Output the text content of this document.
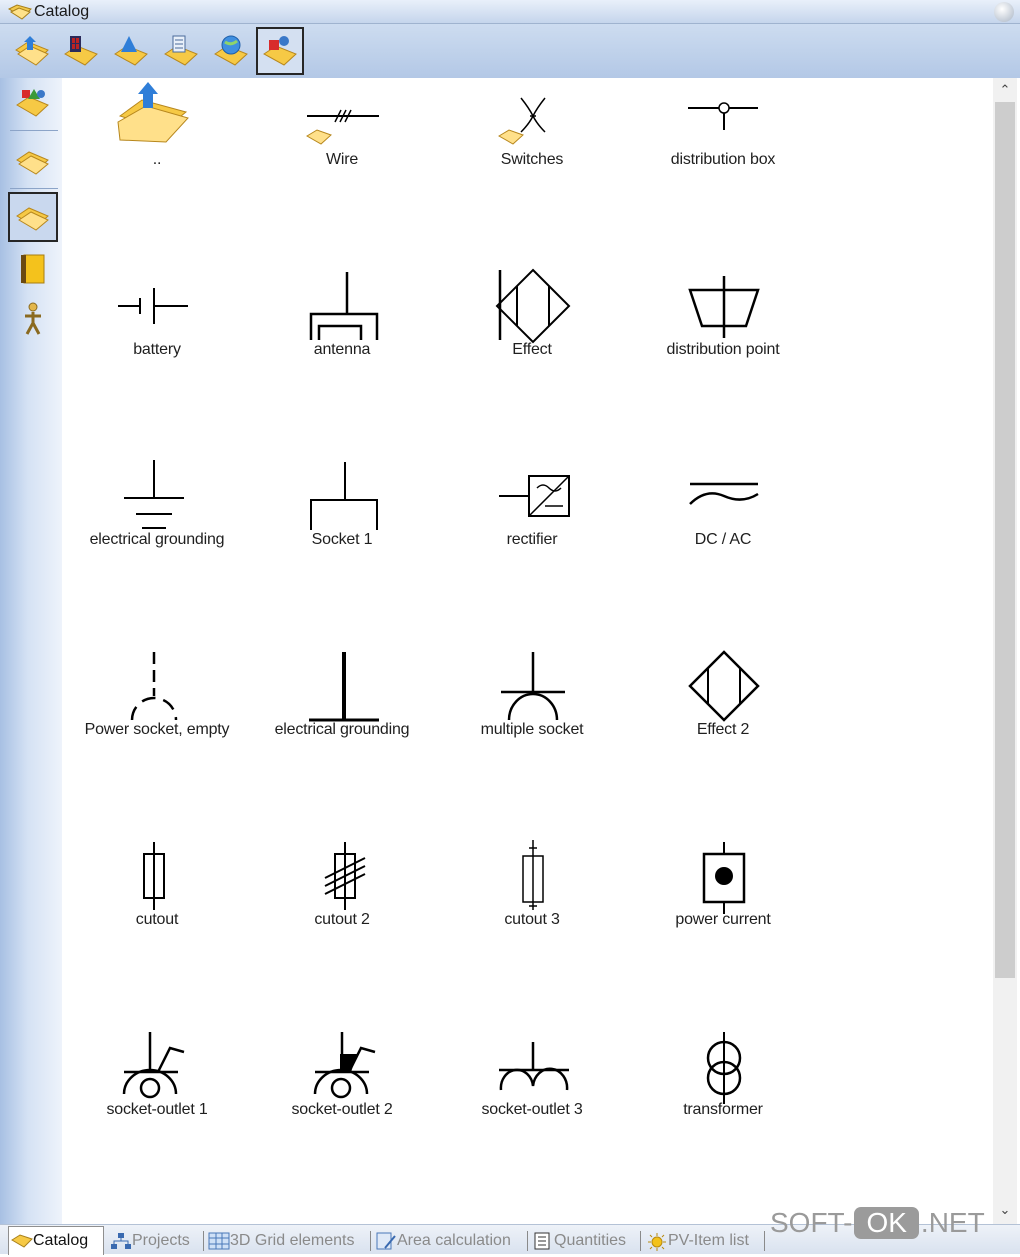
Catalog
..	Wire	Switches	distribution box
battery	antenna	Effect	distribution point
electrical grounding	Socket 1	rectifier	DC / AC
Power socket, empty	electrical grounding	multiple socket	Effect 2
cutout	cutout 2	cutout 3	power current
socket-outlet 1	socket-outlet 2	socket-outlet 3	transformer
⌃
⌄
Catalog	Projects	3D Grid elements	Area calculation	Quantities	PV-Item list
SOFT- OK .NET
